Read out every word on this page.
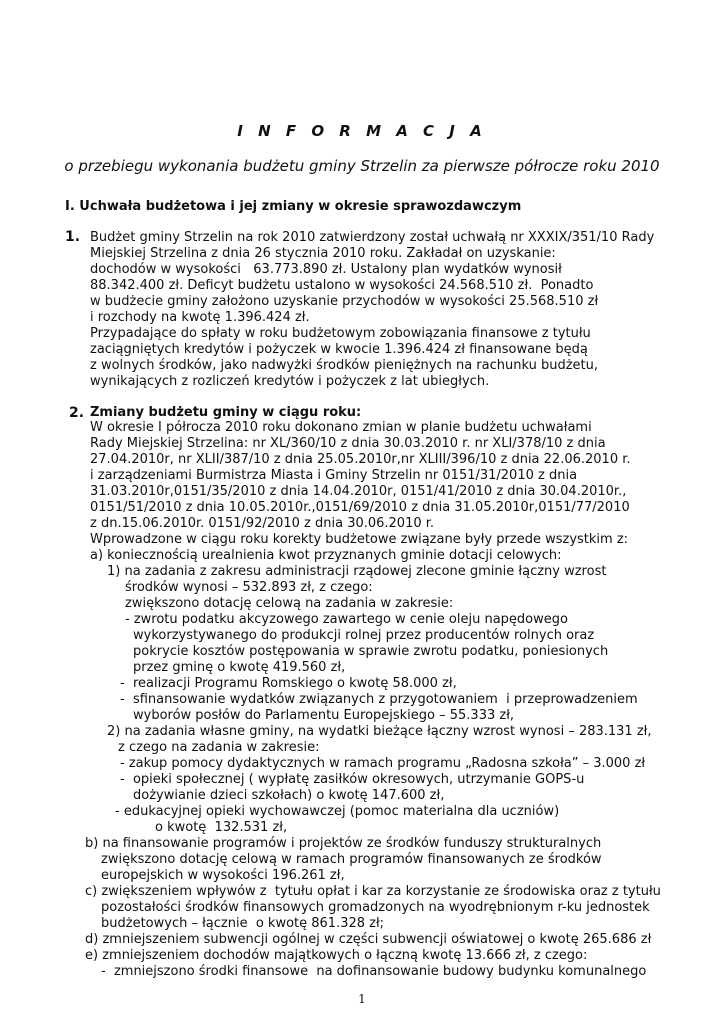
I N F O R M A C J A
o przebiegu wykonania budżetu gminy Strzelin za pierwsze półrocze roku 2010
I. Uchwała budżetowa i jej zmiany w okresie sprawozdawczym
1. Budżet gminy Strzelin na rok 2010 zatwierdzony został uchwałą nr XXXIX/351/10 Rady
Miejskiej Strzelina z dnia 26 stycznia 2010 roku. Zakładał on uzyskanie:
dochodów w wysokości   63.773.890 zł. Ustalony plan wydatków wynosił
88.342.400 zł. Deficyt budżetu ustalono w wysokości 24.568.510 zł.  Ponadto
w budżecie gminy założono uzyskanie przychodów w wysokości 25.568.510 zł
i rozchody na kwotę 1.396.424 zł.
Przypadające do spłaty w roku budżetowym zobowiązania finansowe z tytułu
zaciągniętych kredytów i pożyczek w kwocie 1.396.424 zł finansowane będą
z wolnych środków, jako nadwyżki środków pieniężnych na rachunku budżetu,
wynikających z rozliczeń kredytów i pożyczek z lat ubiegłych.
2. Zmiany budżetu gminy w ciągu roku:
W okresie I półrocza 2010 roku dokonano zmian w planie budżetu uchwałami
Rady Miejskiej Strzelina: nr XL/360/10 z dnia 30.03.2010 r. nr XLI/378/10 z dnia
27.04.2010r, nr XLII/387/10 z dnia 25.05.2010r,nr XLIII/396/10 z dnia 22.06.2010 r.
i zarządzeniami Burmistrza Miasta i Gminy Strzelin nr 0151/31/2010 z dnia
31.03.2010r,0151/35/2010 z dnia 14.04.2010r, 0151/41/2010 z dnia 30.04.2010r.,
0151/51/2010 z dnia 10.05.2010r.,0151/69/2010 z dnia 31.05.2010r,0151/77/2010
z dn.15.06.2010r. 0151/92/2010 z dnia 30.06.2010 r.
Wprowadzone w ciągu roku korekty budżetowe związane były przede wszystkim z:
a) koniecznością urealnienia kwot przyznanych gminie dotacji celowych:
1) na zadania z zakresu administracji rządowej zlecone gminie łączny wzrost
środków wynosi – 532.893 zł, z czego:
zwiększono dotację celową na zadania w zakresie:
- zwrotu podatku akcyzowego zawartego w cenie oleju napędowego
wykorzystywanego do produkcji rolnej przez producentów rolnych oraz
pokrycie kosztów postępowania w sprawie zwrotu podatku, poniesionych
przez gminę o kwotę 419.560 zł,
-  realizacji Programu Romskiego o kwotę 58.000 zł,
-  sfinansowanie wydatków związanych z przygotowaniem  i przeprowadzeniem
wyborów posłów do Parlamentu Europejskiego – 55.333 zł,
2) na zadania własne gminy, na wydatki bieżące łączny wzrost wynosi – 283.131 zł,
z czego na zadania w zakresie:
- zakup pomocy dydaktycznych w ramach programu „Radosna szkoła” – 3.000 zł
-  opieki społecznej ( wypłatę zasiłków okresowych, utrzymanie GOPS-u
dożywianie dzieci szkołach) o kwotę 147.600 zł,
- edukacyjnej opieki wychowawczej (pomoc materialna dla uczniów)
o kwotę  132.531 zł,
b) na finansowanie programów i projektów ze środków funduszy strukturalnych
zwiększono dotację celową w ramach programów finansowanych ze środków
europejskich w wysokości 196.261 zł,
c) zwiększeniem wpływów z  tytułu opłat i kar za korzystanie ze środowiska oraz z tytułu
pozostałości środków finansowych gromadzonych na wyodrębnionym r-ku jednostek
budżetowych – łącznie  o kwotę 861.328 zł;
d) zmniejszeniem subwencji ogólnej w części subwencji oświatowej o kwotę 265.686 zł
e) zmniejszeniem dochodów majątkowych o łączną kwotę 13.666 zł, z czego:
-  zmniejszono środki finansowe  na dofinansowanie budowy budynku komunalnego
1
